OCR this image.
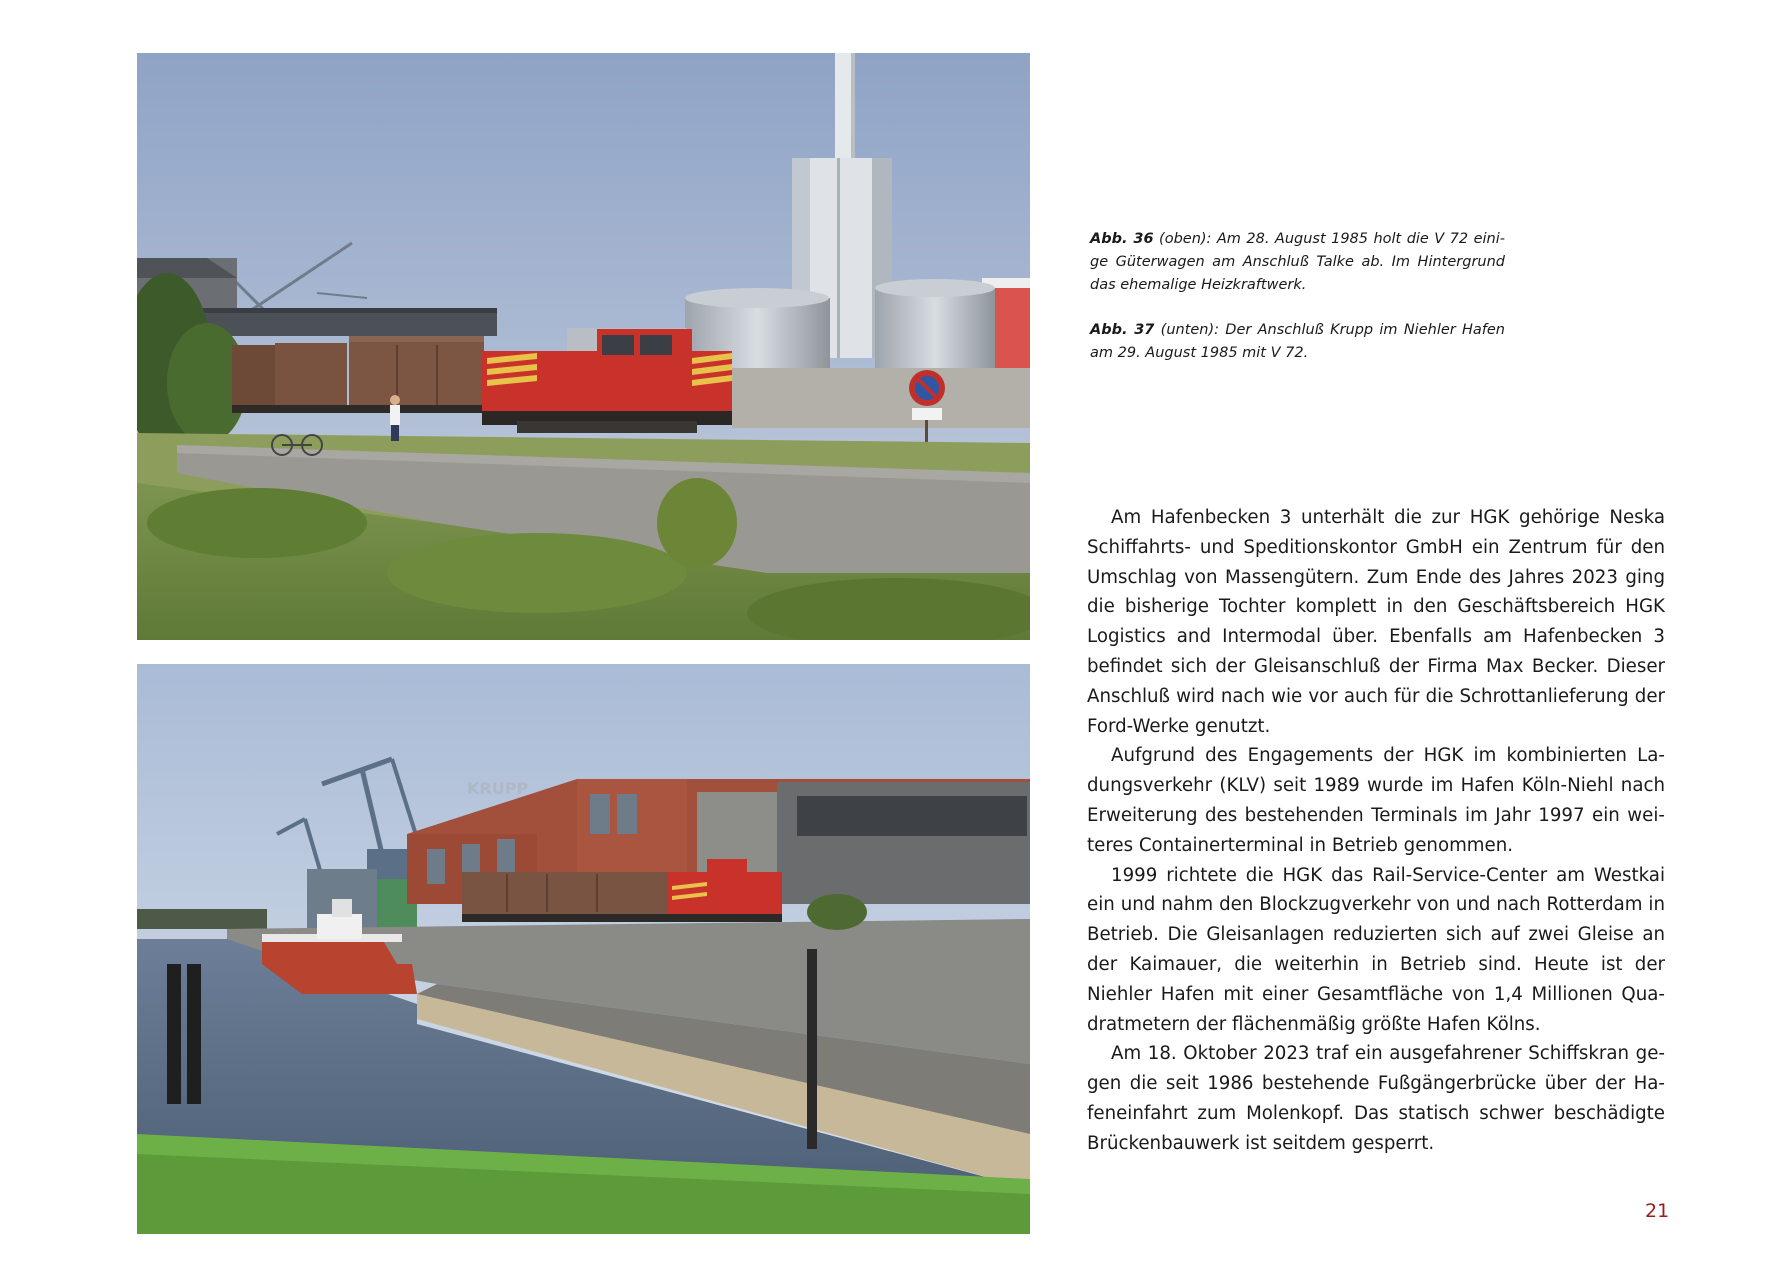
KRUPP

Abb. 36 (oben): Am 28. August 1985 holt die V 72 einige Güterwagen am Anschluß Talke ab. Im Hintergrund das ehemalige Heizkraftwerk.

Abb. 37 (unten): Der Anschluß Krupp im Niehler Hafen am 29. August 1985 mit V 72.

Am Hafenbecken 3 unterhält die zur HGK gehörige Neska Schiffahrts- und Speditionskontor GmbH ein Zentrum für den Umschlag von Massengütern. Zum Ende des Jahres 2023 ging die bisherige Tochter komplett in den Geschäftsbereich HGK Logistics and Intermodal über. Ebenfalls am Hafenbecken 3 befindet sich der Gleisanschluß der Firma Max Becker. Dieser Anschluß wird nach wie vor auch für die Schrottanlieferung der Ford-Werke genutzt.

Aufgrund des Engagements der HGK im kombinierten Ladungsverkehr (KLV) seit 1989 wurde im Hafen Köln-Niehl nach Erweiterung des bestehenden Terminals im Jahr 1997 ein weiteres Containerterminal in Betrieb genommen.

1999 richtete die HGK das Rail-Service-Center am Westkai ein und nahm den Blockzugverkehr von und nach Rotterdam in Betrieb. Die Gleisanlagen reduzierten sich auf zwei Gleise an der Kaimauer, die weiterhin in Betrieb sind. Heute ist der Niehler Hafen mit einer Gesamtfläche von 1,4 Millionen Quadratmetern der flächenmäßig größte Hafen Kölns.

Am 18. Oktober 2023 traf ein ausgefahrener Schiffskran gegen die seit 1986 bestehende Fußgängerbrücke über der Hafeneinfahrt zum Molenkopf. Das statisch schwer beschädigte Brückenbauwerk ist seitdem gesperrt.

21
